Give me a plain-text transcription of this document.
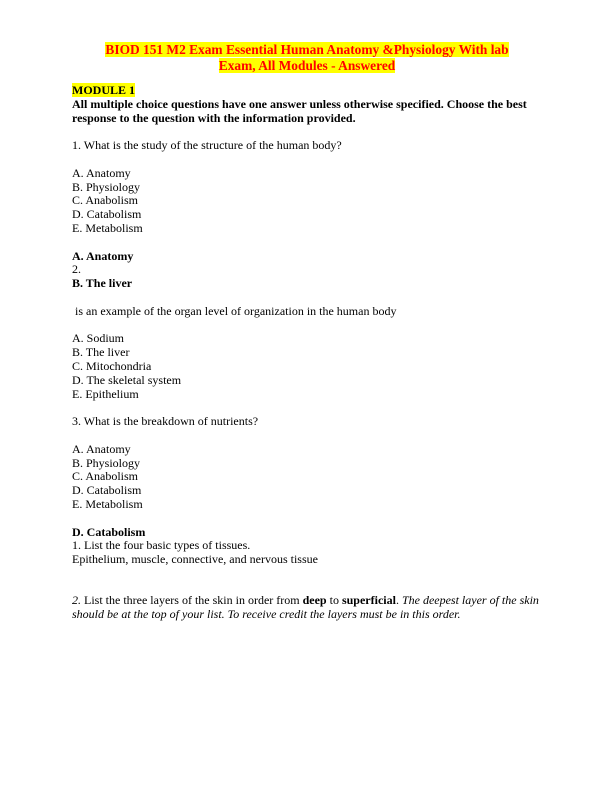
BIOD 151 M2 Exam Essential Human Anatomy &Physiology With lab
Exam, All Modules - Answered
MODULE 1
All multiple choice questions have one answer unless otherwise specified. Choose the best response to the question with the information provided.
1. What is the study of the structure of the human body?
A. Anatomy
B. Physiology
C. Anabolism
D. Catabolism
E. Metabolism
A. Anatomy
2.
B. The liver
is an example of the organ level of organization in the human body
A. Sodium
B. The liver
C. Mitochondria
D. The skeletal system
E. Epithelium
3. What is the breakdown of nutrients?
A. Anatomy
B. Physiology
C. Anabolism
D. Catabolism
E. Metabolism
D. Catabolism
1. List the four basic types of tissues.
Epithelium, muscle, connective, and nervous tissue
2. List the three layers of the skin in order from deep to superficial. The deepest layer of the skin should be at the top of your list. To receive credit the layers must be in this order.
